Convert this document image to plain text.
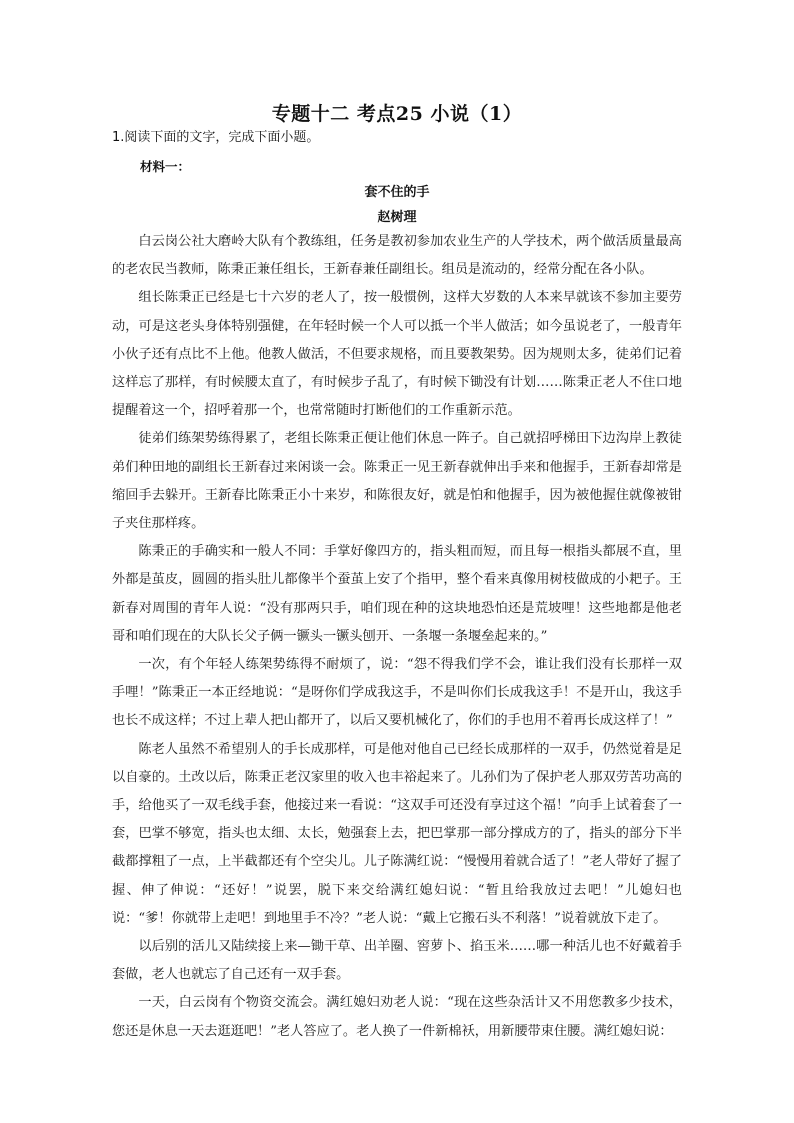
专题十二 考点25 小说（1）
1.阅读下面的文字，完成下面小题。
材料一：
套不住的手
赵树理

白云岗公社大磨岭大队有个教练组，任务是教初参加农业生产的人学技术，两个做活质量最高的老农民当教师，陈秉正兼任组长，王新春兼任副组长。组员是流动的，经常分配在各小队。

组长陈秉正已经是七十六岁的老人了，按一般惯例，这样大岁数的人本来早就该不参加主要劳动，可是这老头身体特别强健，在年轻时候一个人可以抵一个半人做活；如今虽说老了，一般青年小伙子还有点比不上他。他教人做活，不但要求规格，而且要教架势。因为规则太多，徒弟们记着这样忘了那样，有时候腰太直了，有时候步子乱了，有时候下锄没有计划……陈秉正老人不住口地提醒着这一个，招呼着那一个，也常常随时打断他们的工作重新示范。

徒弟们练架势练得累了，老组长陈秉正便让他们休息一阵子。自己就招呼梯田下边沟岸上教徒弟们种田地的副组长王新春过来闲谈一会。陈秉正一见王新春就伸出手来和他握手，王新春却常是缩回手去躲开。王新春比陈秉正小十来岁，和陈很友好，就是怕和他握手，因为被他握住就像被钳子夹住那样疼。

陈秉正的手确实和一般人不同：手掌好像四方的，指头粗而短，而且每一根指头都展不直，里外都是茧皮，圆圆的指头肚儿都像半个蚕茧上安了个指甲，整个看来真像用树枝做成的小耙子。王新春对周围的青年人说：“没有那两只手，咱们现在种的这块地恐怕还是荒坡哩！这些地都是他老哥和咱们现在的大队长父子俩一镢头一镢头刨开、一条堰一条堰垒起来的。”

一次，有个年轻人练架势练得不耐烦了，说：“怨不得我们学不会，谁让我们没有长那样一双手哩！”陈秉正一本正经地说：“是呀你们学成我这手，不是叫你们长成我这手！不是开山，我这手也长不成这样；不过上辈人把山都开了，以后又要机械化了，你们的手也用不着再长成这样了！”

陈老人虽然不希望别人的手长成那样，可是他对他自己已经长成那样的一双手，仍然觉着是足以自豪的。土改以后，陈秉正老汉家里的收入也丰裕起来了。儿孙们为了保护老人那双劳苦功高的手，给他买了一双毛线手套，他接过来一看说：“这双手可还没有享过这个福！”向手上试着套了一套，巴掌不够宽，指头也太细、太长，勉强套上去，把巴掌那一部分撑成方的了，指头的部分下半截都撑粗了一点，上半截都还有个空尖儿。儿子陈满红说：“慢慢用着就合适了！”老人带好了握了握、伸了伸说：“还好！”说罢，脱下来交给满红媳妇说：“暂且给我放过去吧！”儿媳妇也说：“爹！你就带上走吧！到地里手不冷？”老人说：“戴上它搬石头不利落！”说着就放下走了。

以后别的活儿又陆续接上来—锄干草、出羊圈、窖萝卜、掐玉米……哪一种活儿也不好戴着手套做，老人也就忘了自己还有一双手套。

一天，白云岗有个物资交流会。满红媳妇劝老人说：“现在这些杂活计又不用您教多少技术，您还是休息一天去逛逛吧！”老人答应了。老人换了一件新棉袄，用新腰带束住腰。满红媳妇说：
